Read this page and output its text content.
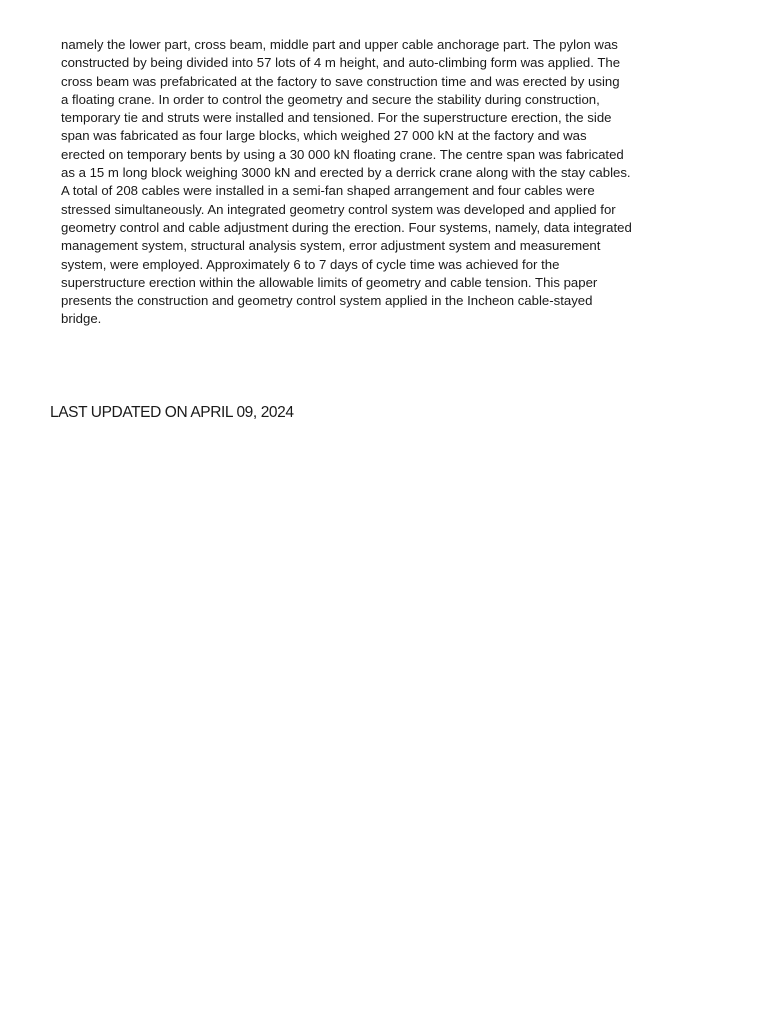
namely the lower part, cross beam, middle part and upper cable anchorage part. The pylon was
constructed by being divided into 57 lots of 4 m height, and auto-climbing form was applied. The
cross beam was prefabricated at the factory to save construction time and was erected by using
a floating crane. In order to control the geometry and secure the stability during construction,
temporary tie and struts were installed and tensioned. For the superstructure erection, the side
span was fabricated as four large blocks, which weighed 27 000 kN at the factory and was
erected on temporary bents by using a 30 000 kN floating crane. The centre span was fabricated
as a 15 m long block weighing 3000 kN and erected by a derrick crane along with the stay cables.
A total of 208 cables were installed in a semi-fan shaped arrangement and four cables were
stressed simultaneously. An integrated geometry control system was developed and applied for
geometry control and cable adjustment during the erection. Four systems, namely, data integrated
management system, structural analysis system, error adjustment system and measurement
system, were employed. Approximately 6 to 7 days of cycle time was achieved for the
superstructure erection within the allowable limits of geometry and cable tension. This paper
presents the construction and geometry control system applied in the Incheon cable-stayed
bridge.
LAST UPDATED ON APRIL 09, 2024
